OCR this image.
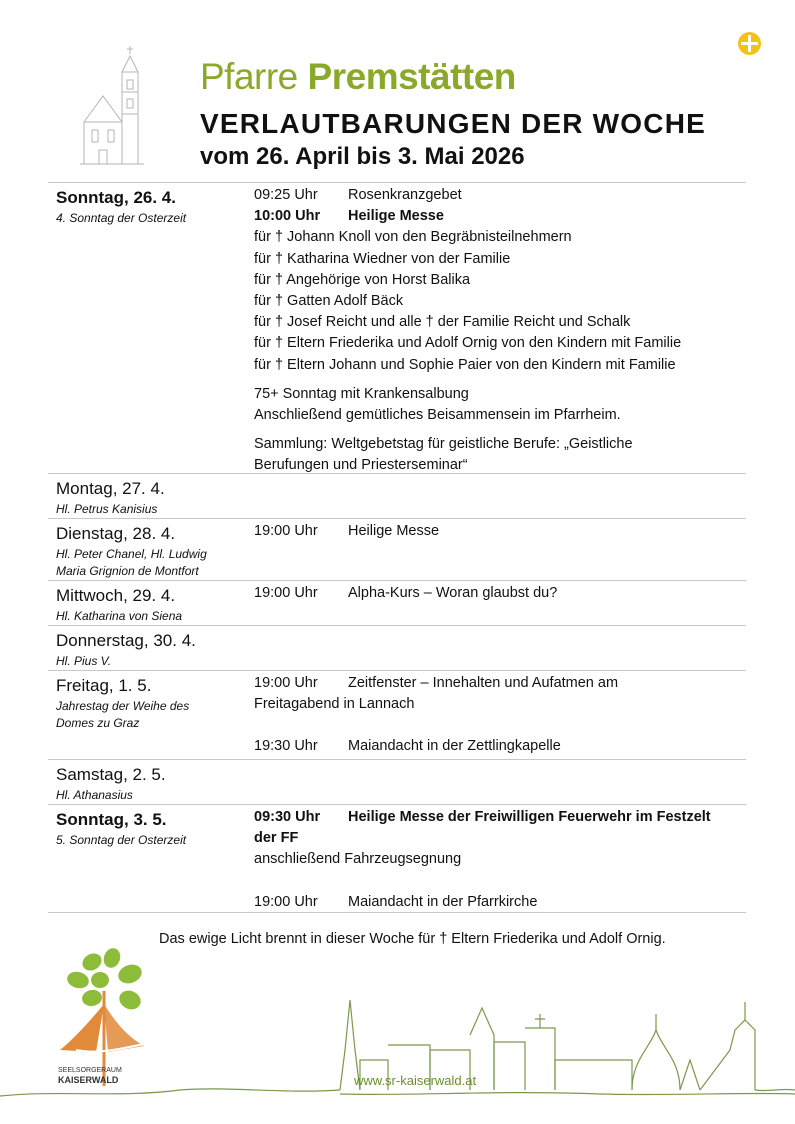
Pfarre Premstätten
VERLAUTBARUNGEN DER WOCHE
vom 26. April bis 3. Mai 2026
Sonntag, 26. 4.
4. Sonntag der Osterzeit
09:25 Uhr	Rosenkranzgebet
10:00 Uhr	Heilige Messe
für † Johann Knoll von den Begräbnisteilnehmern
für † Katharina Wiedner von der Familie
für † Angehörige von Horst Balika
für † Gatten Adolf Bäck
für † Josef Reicht und alle † der Familie Reicht und Schalk
für † Eltern Friederika und Adolf Ornig von den Kindern mit Familie
für † Eltern Johann und Sophie Paier von den Kindern mit Familie
75+ Sonntag mit Krankensalbung
Anschließend gemütliches Beisammensein im Pfarrheim.
Sammlung: Weltgebetstag für geistliche Berufe: „Geistliche
Berufungen und Priesterseminar“
Montag, 27. 4.
Hl. Petrus Kanisius
Dienstag, 28. 4.
Hl. Peter Chanel, Hl. Ludwig
Maria Grignion de Montfort
19:00 Uhr	Heilige Messe
Mittwoch, 29. 4.
Hl. Katharina von Siena
19:00 Uhr	Alpha-Kurs – Woran glaubst du?
Donnerstag, 30. 4.
Hl. Pius V.
Freitag, 1. 5.
Jahrestag der Weihe des
Domes zu Graz
19:00 Uhr	Zeitfenster – Innehalten und Aufatmen am
Freitagabend in Lannach
19:30 Uhr	Maiandacht in der Zettlingkapelle
Samstag, 2. 5.
Hl. Athanasius
Sonntag, 3. 5.
5. Sonntag der Osterzeit
09:30 Uhr	Heilige Messe der Freiwilligen Feuerwehr im Festzelt
der FF
anschließend Fahrzeugsegnung
19:00 Uhr	Maiandacht in der Pfarrkirche
Das ewige Licht brennt in dieser Woche für † Eltern Friederika und Adolf Ornig.
SEELSORGERAUM
KAISERWALD	www.sr-kaiserwald.at
